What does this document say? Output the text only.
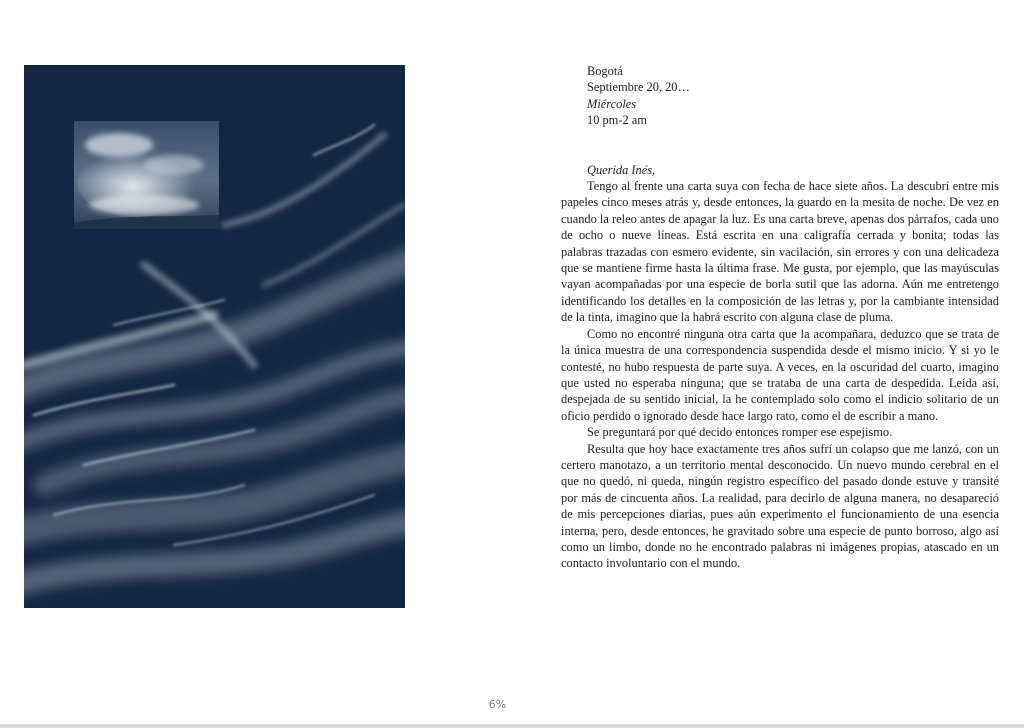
Bogotá
Septiembre 20, 20…
Miércoles
10 pm-2 am
Querida Inés,

Tengo al frente una carta suya con fecha de hace siete años. La descubrí entre mis papeles cinco meses atrás y, desde entonces, la guardo en la mesita de noche. De vez en cuando la releo antes de apagar la luz. Es una carta breve, apenas dos párrafos, cada uno de ocho o nueve líneas. Está escrita en una caligrafía cerrada y bonita; todas las palabras trazadas con esmero evidente, sin vacilación, sin errores y con una delicadeza que se mantiene firme hasta la última frase. Me gusta, por ejemplo, que las mayúsculas vayan acompañadas por una especie de borla sutil que las adorna. Aún me entretengo identificando los detalles en la composición de las letras y, por la cambiante intensidad de la tinta, imagino que la habrá escrito con alguna clase de pluma.

Como no encontré ninguna otra carta que la acompañara, deduzco que se trata de la única muestra de una correspondencia suspendida desde el mismo inicio. Y si yo le contesté, no hubo respuesta de parte suya. A veces, en la oscuridad del cuarto, imagino que usted no esperaba ninguna; que se trataba de una carta de despedida. Leída así, despejada de su sentido inicial, la he contemplado solo como el indicio solitario de un oficio perdido o ignorado desde hace largo rato, como el de escribir a mano.

Se preguntará por qué decido entonces romper ese espejismo.

Resulta que hoy hace exactamente tres años sufrí un colapso que me lanzó, con un certero manotazo, a un territorio mental desconocido. Un nuevo mundo cerebral en el que no quedó, ni queda, ningún registro específico del pasado donde estuve y transité por más de cincuenta años. La realidad, para decirlo de alguna manera, no desapareció de mis percepciones diarias, pues aún experimento el funcionamiento de una esencia interna, pero, desde entonces, he gravitado sobre una especie de punto borroso, algo así como un limbo, donde no he encontrado palabras ni imágenes propias, atascado en un contacto involuntario con el mundo.

6%
